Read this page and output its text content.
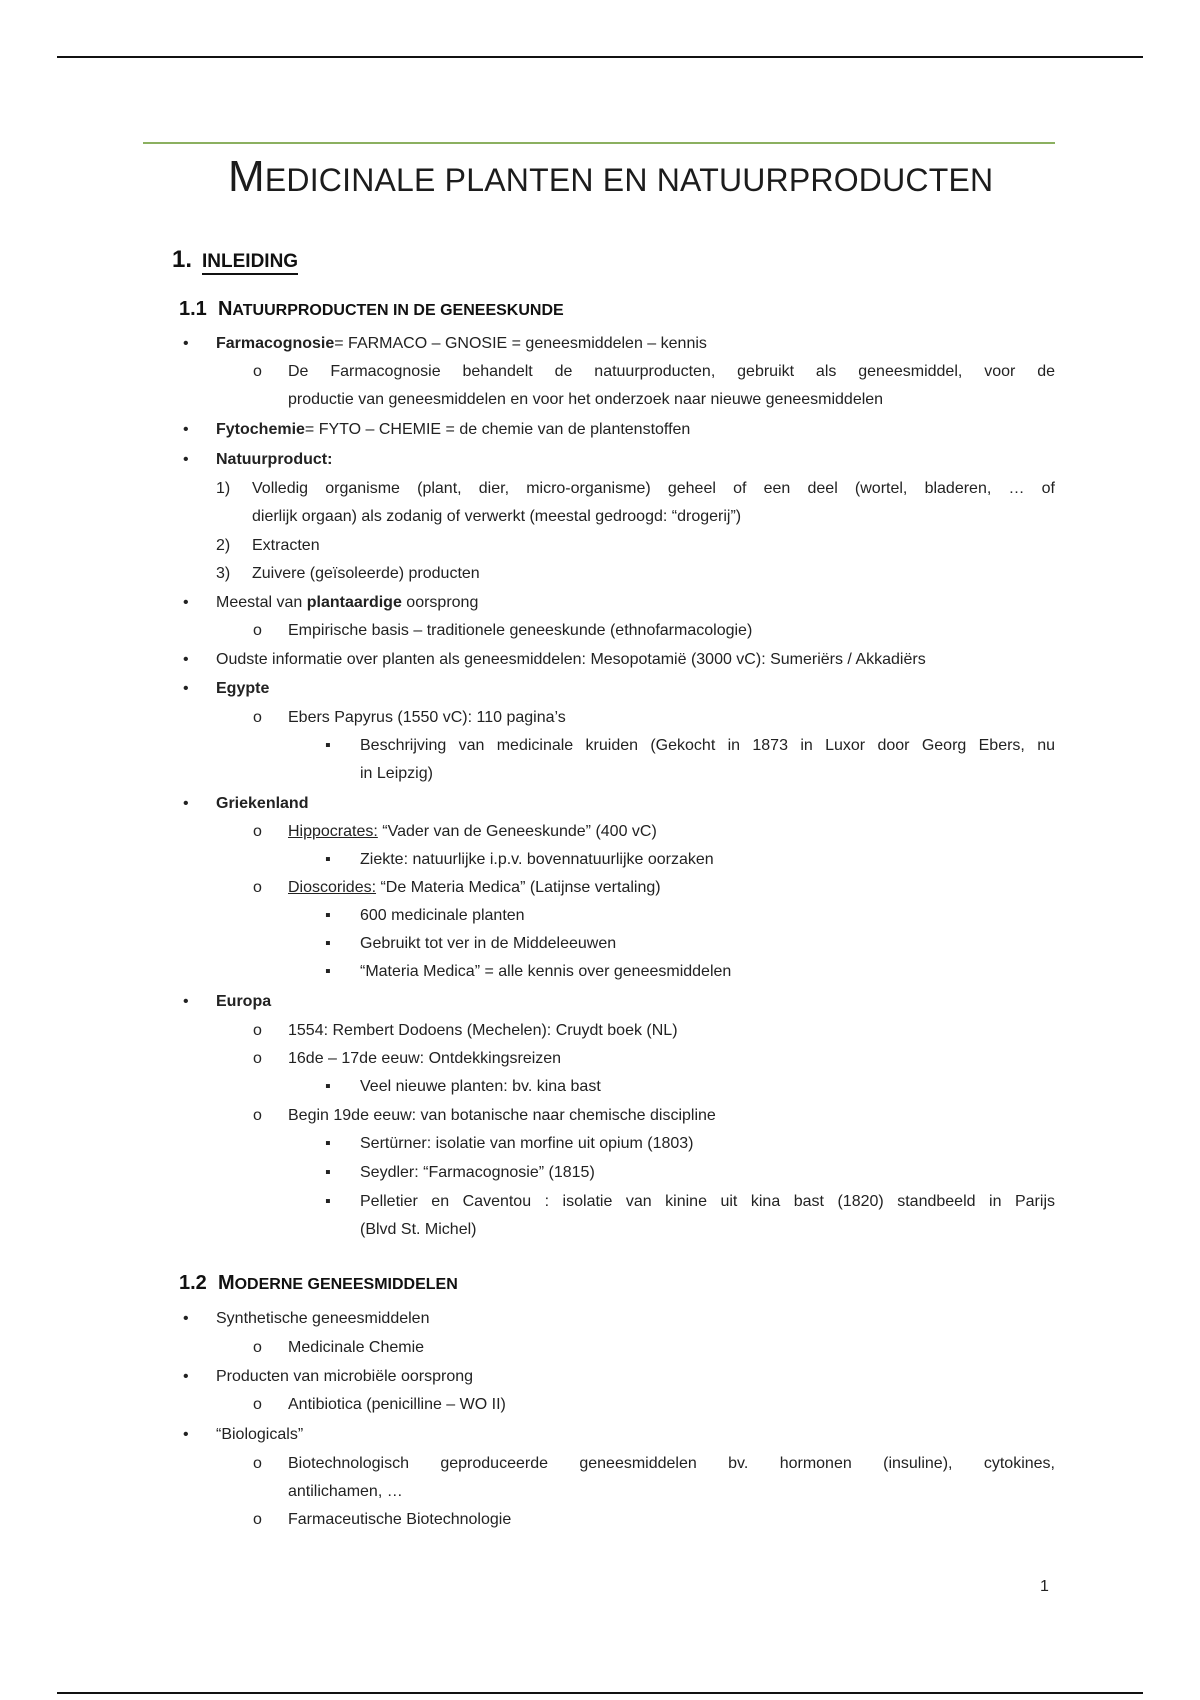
MEDICINALE PLANTEN EN NATUURPRODUCTEN
1. INLEIDING
1.1 NATUURPRODUCTEN IN DE GENEESKUNDE
• Farmacognosie= FARMACO – GNOSIE = geneesmiddelen – kennis
o De Farmacognosie behandelt de natuurproducten, gebruikt als geneesmiddel, voor de
productie van geneesmiddelen en voor het onderzoek naar nieuwe geneesmiddelen
• Fytochemie= FYTO – CHEMIE = de chemie van de plantenstoffen
• Natuurproduct:
1) Volledig organisme (plant, dier, micro-organisme) geheel of een deel (wortel, bladeren, … of
dierlijk orgaan) als zodanig of verwerkt (meestal gedroogd: “drogerij”)
2) Extracten
3) Zuivere (geïsoleerde) producten
• Meestal van plantaardige oorsprong
o Empirische basis – traditionele geneeskunde (ethnofarmacologie)
• Oudste informatie over planten als geneesmiddelen: Mesopotamië (3000 vC): Sumeriërs / Akkadiërs
• Egypte
o Ebers Papyrus (1550 vC): 110 pagina’s
▪ Beschrijving van medicinale kruiden (Gekocht in 1873 in Luxor door Georg Ebers, nu
in Leipzig)
• Griekenland
o Hippocrates: “Vader van de Geneeskunde” (400 vC)
▪ Ziekte: natuurlijke i.p.v. bovennatuurlijke oorzaken
o Dioscorides: “De Materia Medica” (Latijnse vertaling)
▪ 600 medicinale planten
▪ Gebruikt tot ver in de Middeleeuwen
▪ “Materia Medica” = alle kennis over geneesmiddelen
• Europa
o 1554: Rembert Dodoens (Mechelen): Cruydt boek (NL)
o 16de – 17de eeuw: Ontdekkingsreizen
▪ Veel nieuwe planten: bv. kina bast
o Begin 19de eeuw: van botanische naar chemische discipline
▪ Sertürner: isolatie van morfine uit opium (1803)
▪ Seydler: “Farmacognosie” (1815)
▪ Pelletier en Caventou : isolatie van kinine uit kina bast (1820) standbeeld in Parijs
(Blvd St. Michel)
1.2 MODERNE GENEESMIDDELEN
• Synthetische geneesmiddelen
o Medicinale Chemie
• Producten van microbiële oorsprong
o Antibiotica (penicilline – WO II)
• “Biologicals”
o Biotechnologisch geproduceerde geneesmiddelen bv. hormonen (insuline), cytokines,
antilichamen, …
o Farmaceutische Biotechnologie
1
